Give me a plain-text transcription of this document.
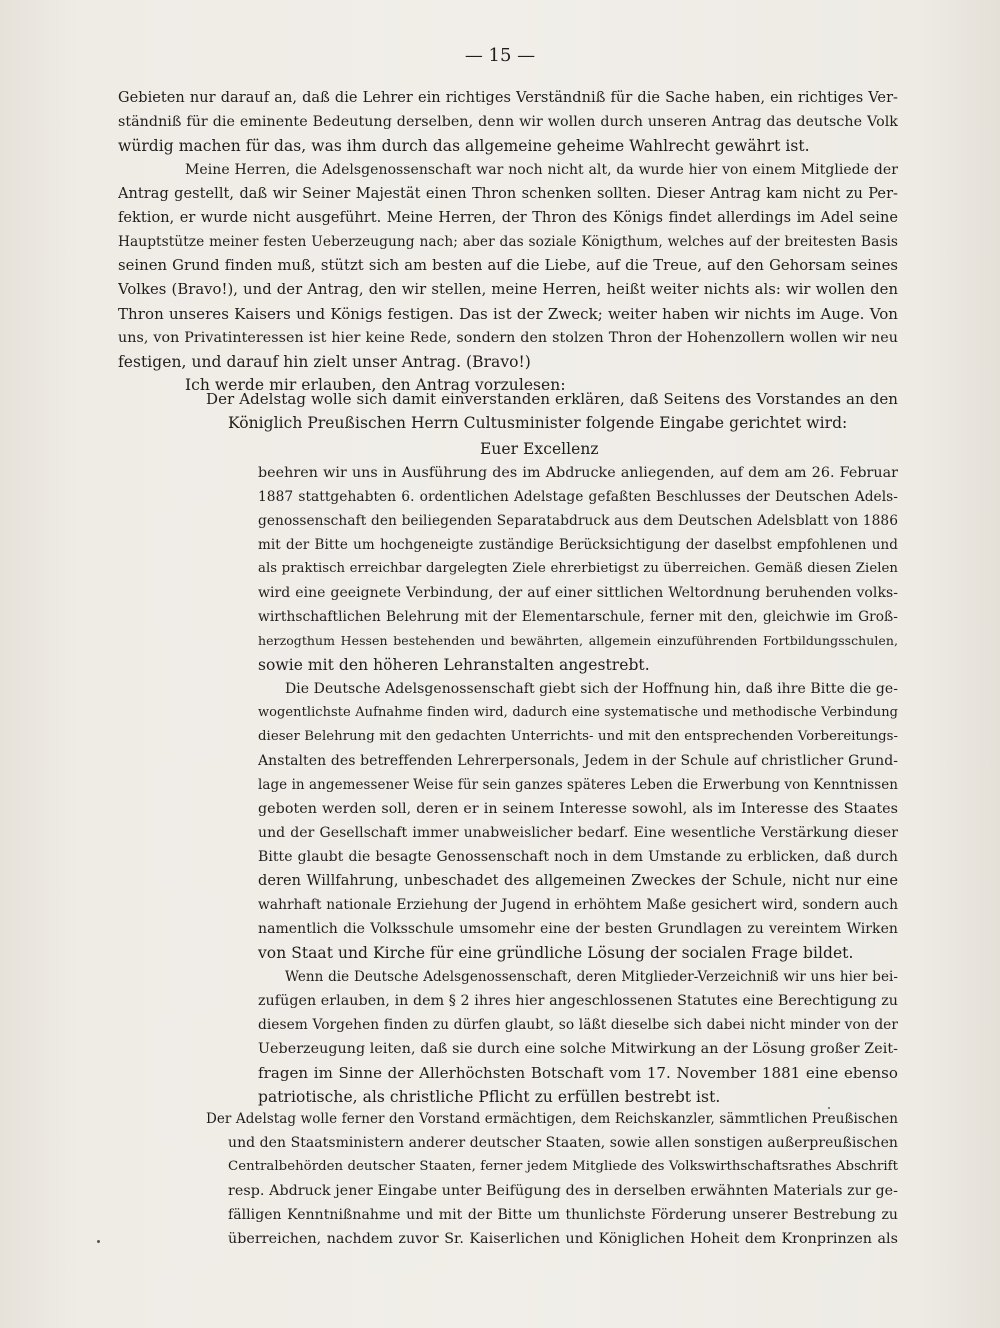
— 15 —
Gebieten nur darauf an, daß die Lehrer ein richtiges Verständniß für die Sache haben, ein richtiges Ver-
ständniß für die eminente Bedeutung derselben, denn wir wollen durch unseren Antrag das deutsche Volk
würdig machen für das, was ihm durch das allgemeine geheime Wahlrecht gewährt ist.
Meine Herren, die Adelsgenossenschaft war noch nicht alt, da wurde hier von einem Mitgliede der
Antrag gestellt, daß wir Seiner Majestät einen Thron schenken sollten. Dieser Antrag kam nicht zu Per-
fektion, er wurde nicht ausgeführt. Meine Herren, der Thron des Königs findet allerdings im Adel seine
Hauptstütze meiner festen Ueberzeugung nach; aber das soziale Königthum, welches auf der breitesten Basis
seinen Grund finden muß, stützt sich am besten auf die Liebe, auf die Treue, auf den Gehorsam seines
Volkes (Bravo!), und der Antrag, den wir stellen, meine Herren, heißt weiter nichts als: wir wollen den
Thron unseres Kaisers und Königs festigen. Das ist der Zweck; weiter haben wir nichts im Auge. Von
uns, von Privatinteressen ist hier keine Rede, sondern den stolzen Thron der Hohenzollern wollen wir neu
festigen, und darauf hin zielt unser Antrag. (Bravo!)
Ich werde mir erlauben, den Antrag vorzulesen:
Der Adelstag wolle sich damit einverstanden erklären, daß Seitens des Vorstandes an den
Königlich Preußischen Herrn Cultusminister folgende Eingabe gerichtet wird:
Euer Excellenz
beehren wir uns in Ausführung des im Abdrucke anliegenden, auf dem am 26. Februar
1887 stattgehabten 6. ordentlichen Adelstage gefaßten Beschlusses der Deutschen Adels-
genossenschaft den beiliegenden Separatabdruck aus dem Deutschen Adelsblatt von 1886
mit der Bitte um hochgeneigte zuständige Berücksichtigung der daselbst empfohlenen und
als praktisch erreichbar dargelegten Ziele ehrerbietigst zu überreichen. Gemäß diesen Zielen
wird eine geeignete Verbindung, der auf einer sittlichen Weltordnung beruhenden volks-
wirthschaftlichen Belehrung mit der Elementarschule, ferner mit den, gleichwie im Groß-
herzogthum Hessen bestehenden und bewährten, allgemein einzuführenden Fortbildungsschulen,
sowie mit den höheren Lehranstalten angestrebt.
Die Deutsche Adelsgenossenschaft giebt sich der Hoffnung hin, daß ihre Bitte die ge-
wogentlichste Aufnahme finden wird, dadurch eine systematische und methodische Verbindung
dieser Belehrung mit den gedachten Unterrichts- und mit den entsprechenden Vorbereitungs-
Anstalten des betreffenden Lehrerpersonals, Jedem in der Schule auf christlicher Grund-
lage in angemessener Weise für sein ganzes späteres Leben die Erwerbung von Kenntnissen
geboten werden soll, deren er in seinem Interesse sowohl, als im Interesse des Staates
und der Gesellschaft immer unabweislicher bedarf. Eine wesentliche Verstärkung dieser
Bitte glaubt die besagte Genossenschaft noch in dem Umstande zu erblicken, daß durch
deren Willfahrung, unbeschadet des allgemeinen Zweckes der Schule, nicht nur eine
wahrhaft nationale Erziehung der Jugend in erhöhtem Maße gesichert wird, sondern auch
namentlich die Volksschule umsomehr eine der besten Grundlagen zu vereintem Wirken
von Staat und Kirche für eine gründliche Lösung der socialen Frage bildet.
Wenn die Deutsche Adelsgenossenschaft, deren Mitglieder-Verzeichniß wir uns hier bei-
zufügen erlauben, in dem § 2 ihres hier angeschlossenen Statutes eine Berechtigung zu
diesem Vorgehen finden zu dürfen glaubt, so läßt dieselbe sich dabei nicht minder von der
Ueberzeugung leiten, daß sie durch eine solche Mitwirkung an der Lösung großer Zeit-
fragen im Sinne der Allerhöchsten Botschaft vom 17. November 1881 eine ebenso
patriotische, als christliche Pflicht zu erfüllen bestrebt ist.
Der Adelstag wolle ferner den Vorstand ermächtigen, dem Reichskanzler, sämmtlichen Preußischen
und den Staatsministern anderer deutscher Staaten, sowie allen sonstigen außerpreußischen
Centralbehörden deutscher Staaten, ferner jedem Mitgliede des Volkswirthschaftsrathes Abschrift
resp. Abdruck jener Eingabe unter Beifügung des in derselben erwähnten Materials zur ge-
fälligen Kenntnißnahme und mit der Bitte um thunlichste Förderung unserer Bestrebung zu
überreichen, nachdem zuvor Sr. Kaiserlichen und Königlichen Hoheit dem Kronprinzen als
